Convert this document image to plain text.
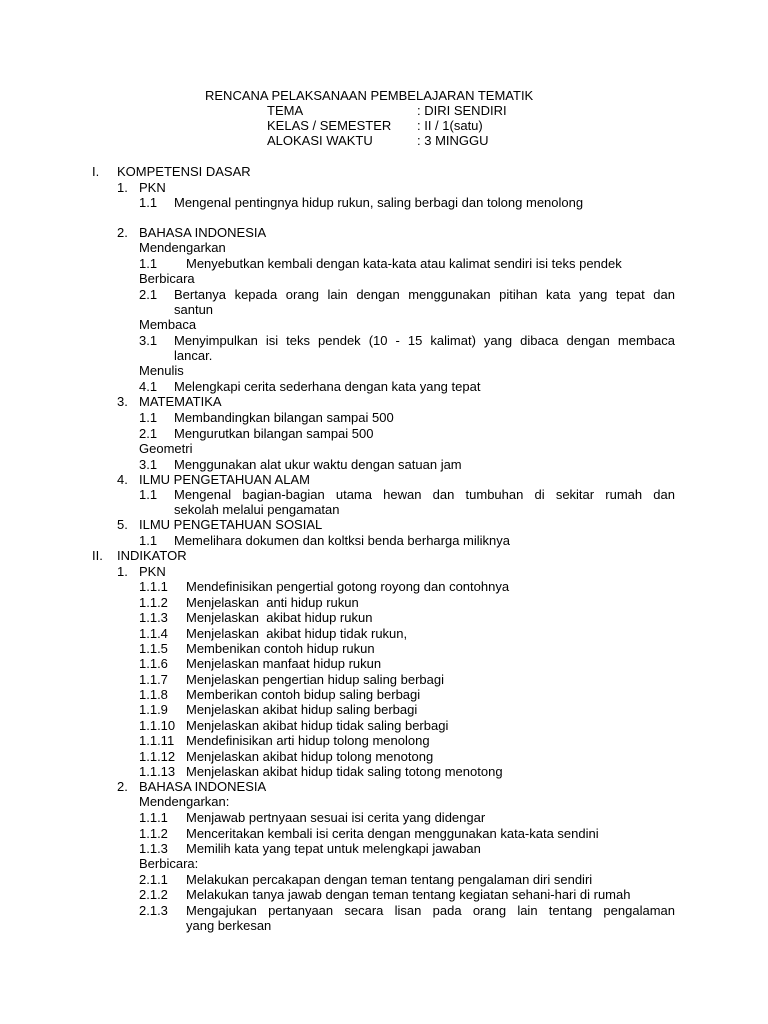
RENCANA PELAKSANAAN PEMBELAJARAN TEMATIK
TEMA	: DIRI SENDIRI
KELAS / SEMESTER : II / 1(satu)
ALOKASI WAKTU	: 3 MINGGU
I. KOMPETENSI DASAR
1. PKN
1.1 Mengenal pentingnya hidup rukun, saling berbagi dan tolong menolong
2. BAHASA INDONESIA
Mendengarkan
1.1 Menyebutkan kembali dengan kata-kata atau kalimat sendiri isi teks pendek
Berbicara
2.1 Bertanya kepada orang lain dengan menggunakan pitihan kata yang tepat dan
santun
Membaca
3.1 Menyimpulkan isi teks pendek (10 - 15 kalimat) yang dibaca dengan membaca
lancar.
Menulis
4.1 Melengkapi cerita sederhana dengan kata yang tepat
3. MATEMATIKA
1.1 Membandingkan bilangan sampai 500
2.1 Mengurutkan bilangan sampai 500
Geometri
3.1 Menggunakan alat ukur waktu dengan satuan jam
4. ILMU PENGETAHUAN ALAM
1.1 Mengenal bagian-bagian utama hewan dan tumbuhan di sekitar rumah dan
sekolah melalui pengamatan
5. ILMU PENGETAHUAN SOSIAL
1.1 Memelihara dokumen dan koltksi benda berharga miliknya
II. INDIKATOR
1. PKN
1.1.1 Mendefinisikan pengertial gotong royong dan contohnya
1.1.2 Menjelaskan  anti hidup rukun
1.1.3 Menjelaskan  akibat hidup rukun
1.1.4 Menjelaskan  akibat hidup tidak rukun,
1.1.5 Membenikan contoh hidup rukun
1.1.6 Menjelaskan manfaat hidup rukun
1.1.7 Menjelaskan pengertian hidup saling berbagi
1.1.8 Memberikan contoh bidup saling berbagi
1.1.9 Menjelaskan akibat hidup saling berbagi
1.1.10 Menjelaskan akibat hidup tidak saling berbagi
1.1.11 Mendefinisikan arti hidup tolong menolong
1.1.12 Menjelaskan akibat hidup tolong menotong
1.1.13 Menjelaskan akibat hidup tidak saling totong menotong
2. BAHASA INDONESIA
Mendengarkan:
1.1.1 Menjawab pertnyaan sesuai isi cerita yang didengar
1.1.2 Menceritakan kembali isi cerita dengan menggunakan kata-kata sendini
1.1.3 Memilih kata yang tepat untuk melengkapi jawaban
Berbicara:
2.1.1 Melakukan percakapan dengan teman tentang pengalaman diri sendiri
2.1.2 Melakukan tanya jawab dengan teman tentang kegiatan sehani-hari di rumah
2.1.3 Mengajukan pertanyaan secara lisan pada orang lain tentang pengalaman
yang berkesan
